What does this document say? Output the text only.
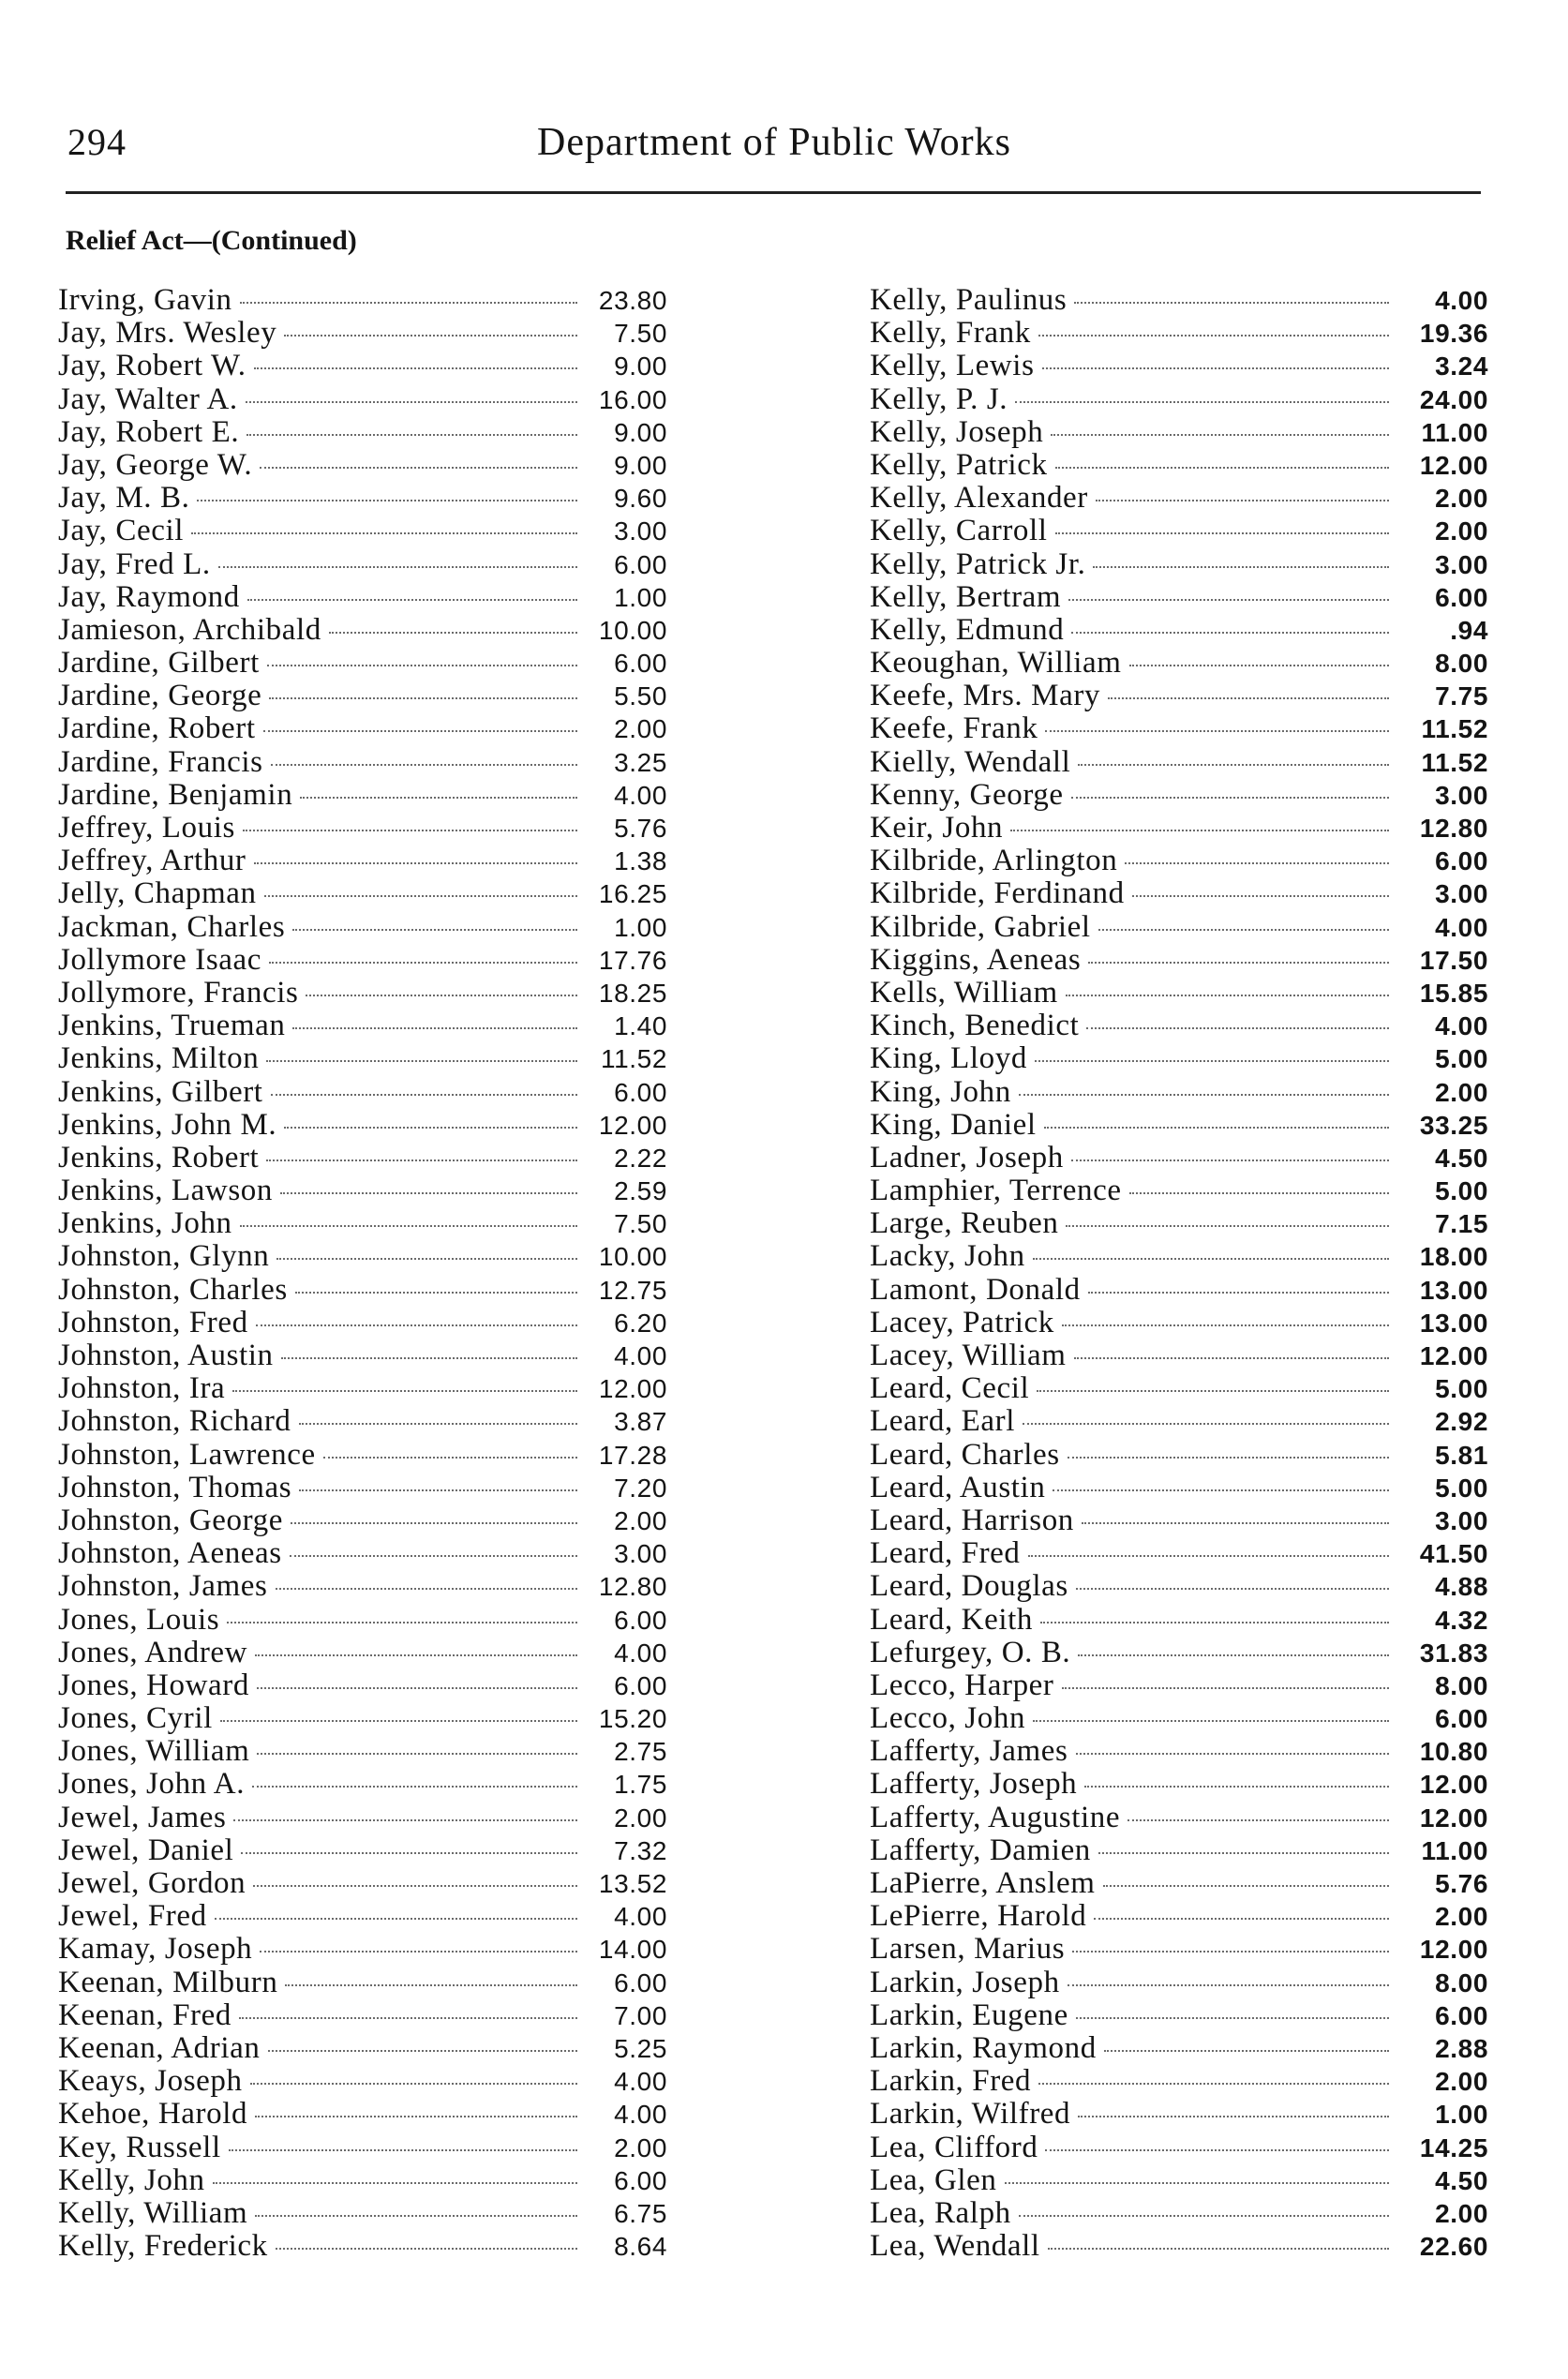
294	Department of Public Works
Relief Act—(Continued)
Irving, Gavin	23.80
Jay, Mrs. Wesley	7.50
Jay, Robert W.	9.00
Jay, Walter A.	16.00
Jay, Robert E.	9.00
Jay, George W.	9.00
Jay, M. B.	9.60
Jay, Cecil	3.00
Jay, Fred L.	6.00
Jay, Raymond	1.00
Jamieson, Archibald	10.00
Jardine, Gilbert	6.00
Jardine, George	5.50
Jardine, Robert	2.00
Jardine, Francis	3.25
Jardine, Benjamin	4.00
Jeffrey, Louis	5.76
Jeffrey, Arthur	1.38
Jelly, Chapman	16.25
Jackman, Charles	1.00
Jollymore Isaac	17.76
Jollymore, Francis	18.25
Jenkins, Trueman	1.40
Jenkins, Milton	11.52
Jenkins, Gilbert	6.00
Jenkins, John M.	12.00
Jenkins, Robert	2.22
Jenkins, Lawson	2.59
Jenkins, John	7.50
Johnston, Glynn	10.00
Johnston, Charles	12.75
Johnston, Fred	6.20
Johnston, Austin	4.00
Johnston, Ira	12.00
Johnston, Richard	3.87
Johnston, Lawrence	17.28
Johnston, Thomas	7.20
Johnston, George	2.00
Johnston, Aeneas	3.00
Johnston, James	12.80
Jones, Louis	6.00
Jones, Andrew	4.00
Jones, Howard	6.00
Jones, Cyril	15.20
Jones, William	2.75
Jones, John A.	1.75
Jewel, James	2.00
Jewel, Daniel	7.32
Jewel, Gordon	13.52
Jewel, Fred	4.00
Kamay, Joseph	14.00
Keenan, Milburn	6.00
Keenan, Fred	7.00
Keenan, Adrian	5.25
Keays, Joseph	4.00
Kehoe, Harold	4.00
Key, Russell	2.00
Kelly, John	6.00
Kelly, William	6.75
Kelly, Frederick	8.64
Kelly, Paulinus	4.00
Kelly, Frank	19.36
Kelly, Lewis	3.24
Kelly, P. J.	24.00
Kelly, Joseph	11.00
Kelly, Patrick	12.00
Kelly, Alexander	2.00
Kelly, Carroll	2.00
Kelly, Patrick Jr.	3.00
Kelly, Bertram	6.00
Kelly, Edmund	.94
Keoughan, William	8.00
Keefe, Mrs. Mary	7.75
Keefe, Frank	11.52
Kielly, Wendall	11.52
Kenny, George	3.00
Keir, John	12.80
Kilbride, Arlington	6.00
Kilbride, Ferdinand	3.00
Kilbride, Gabriel	4.00
Kiggins, Aeneas	17.50
Kells, William	15.85
Kinch, Benedict	4.00
King, Lloyd	5.00
King, John	2.00
King, Daniel	33.25
Ladner, Joseph	4.50
Lamphier, Terrence	5.00
Large, Reuben	7.15
Lacky, John	18.00
Lamont, Donald	13.00
Lacey, Patrick	13.00
Lacey, William	12.00
Leard, Cecil	5.00
Leard, Earl	2.92
Leard, Charles	5.81
Leard, Austin	5.00
Leard, Harrison	3.00
Leard, Fred	41.50
Leard, Douglas	4.88
Leard, Keith	4.32
Lefurgey, O. B.	31.83
Lecco, Harper	8.00
Lecco, John	6.00
Lafferty, James	10.80
Lafferty, Joseph	12.00
Lafferty, Augustine	12.00
Lafferty, Damien	11.00
LaPierre, Anslem	5.76
LePierre, Harold	2.00
Larsen, Marius	12.00
Larkin, Joseph	8.00
Larkin, Eugene	6.00
Larkin, Raymond	2.88
Larkin, Fred	2.00
Larkin, Wilfred	1.00
Lea, Clifford	14.25
Lea, Glen	4.50
Lea, Ralph	2.00
Lea, Wendall	22.60
